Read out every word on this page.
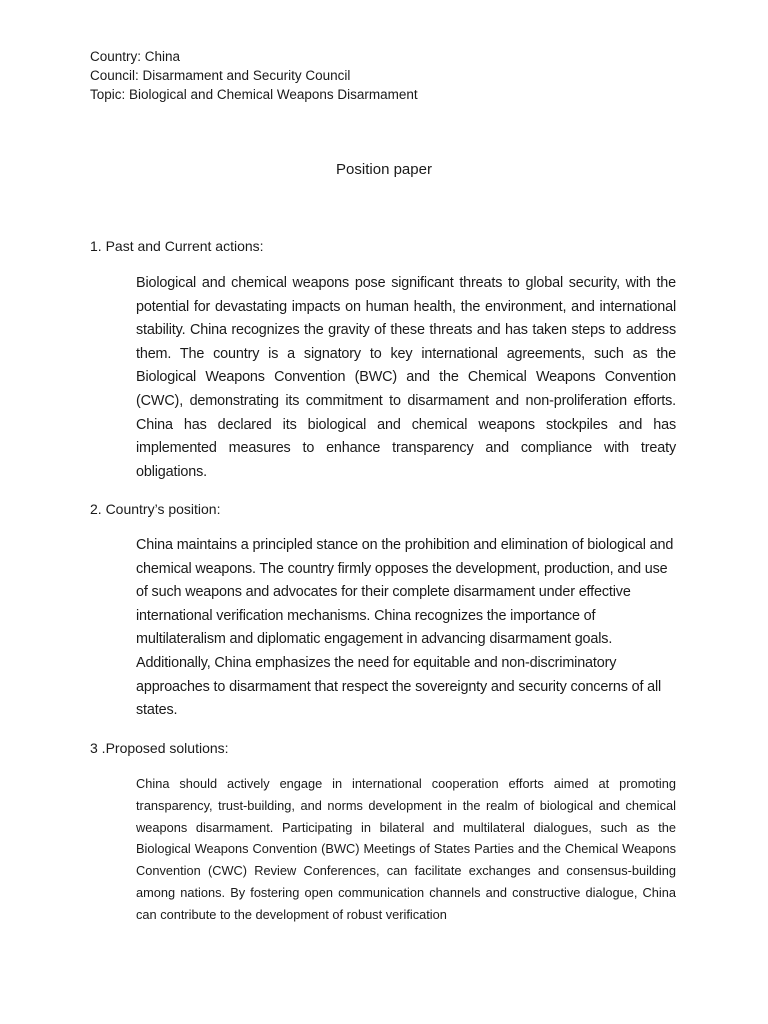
Country: China
Council: Disarmament and Security Council
Topic: Biological and Chemical Weapons Disarmament
Position paper
1. Past and Current actions:

Biological and chemical weapons pose significant threats to global security, with the potential for devastating impacts on human health, the environment, and international stability. China recognizes the gravity of these threats and has taken steps to address them. The country is a signatory to key international agreements, such as the Biological Weapons Convention (BWC) and the Chemical Weapons Convention (CWC), demonstrating its commitment to disarmament and non-proliferation efforts. China has declared its biological and chemical weapons stockpiles and has implemented measures to enhance transparency and compliance with treaty obligations.

2. Country’s position:

China maintains a principled stance on the prohibition and elimination of biological and chemical weapons. The country firmly opposes the development, production, and use of such weapons and advocates for their complete disarmament under effective international verification mechanisms. China recognizes the importance of multilateralism and diplomatic engagement in advancing disarmament goals. Additionally, China emphasizes the need for equitable and non-discriminatory approaches to disarmament that respect the sovereignty and security concerns of all states.

3 .Proposed solutions:

China should actively engage in international cooperation efforts aimed at promoting transparency, trust-building, and norms development in the realm of biological and chemical weapons disarmament. Participating in bilateral and multilateral dialogues, such as the Biological Weapons Convention (BWC) Meetings of States Parties and the Chemical Weapons Convention (CWC) Review Conferences, can facilitate exchanges and consensus-building among nations. By fostering open communication channels and constructive dialogue, China can contribute to the development of robust verification
